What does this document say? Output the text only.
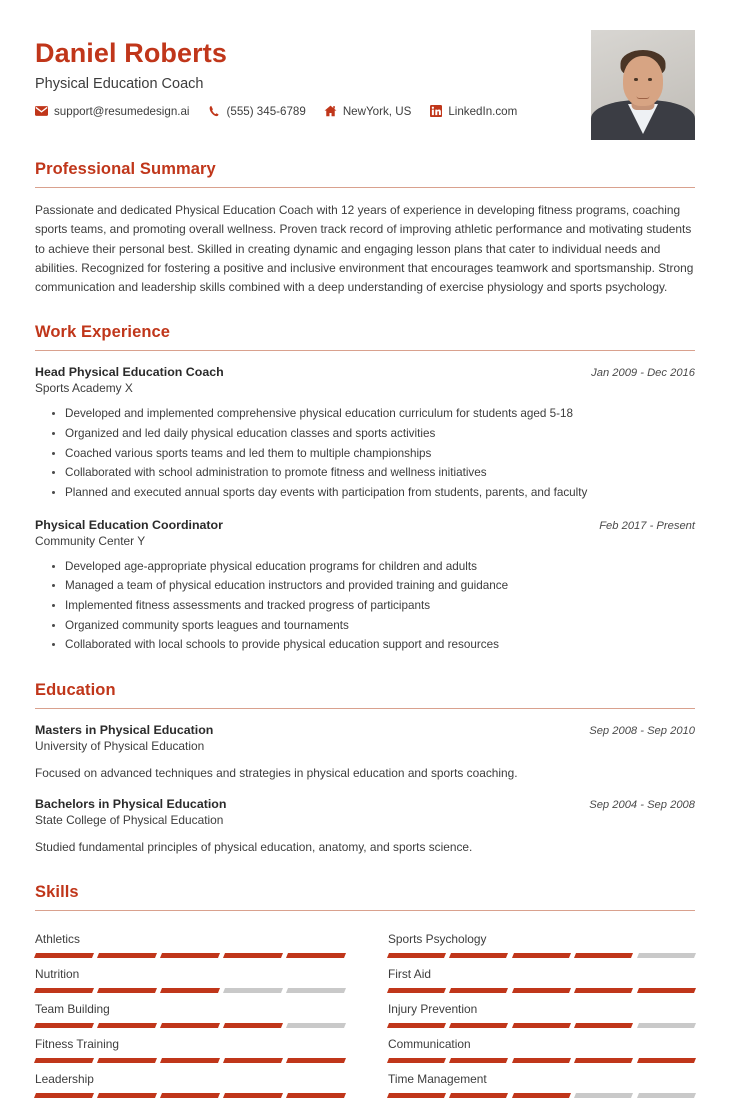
Daniel Roberts
Physical Education Coach
support@resumedesign.ai	(555) 345-6789	NewYork, US	LinkedIn.com
Professional Summary
Passionate and dedicated Physical Education Coach with 12 years of experience in developing fitness programs, coaching sports teams, and promoting overall wellness. Proven track record of improving athletic performance and motivating students to achieve their personal best. Skilled in creating dynamic and engaging lesson plans that cater to individual needs and abilities. Recognized for fostering a positive and inclusive environment that encourages teamwork and sportsmanship. Strong communication and leadership skills combined with a deep understanding of exercise physiology and sports psychology.
Work Experience
Head Physical Education Coach	Jan 2009 - Dec 2016
Sports Academy X
Developed and implemented comprehensive physical education curriculum for students aged 5-18
Organized and led daily physical education classes and sports activities
Coached various sports teams and led them to multiple championships
Collaborated with school administration to promote fitness and wellness initiatives
Planned and executed annual sports day events with participation from students, parents, and faculty
Physical Education Coordinator	Feb 2017 - Present
Community Center Y
Developed age-appropriate physical education programs for children and adults
Managed a team of physical education instructors and provided training and guidance
Implemented fitness assessments and tracked progress of participants
Organized community sports leagues and tournaments
Collaborated with local schools to provide physical education support and resources
Education
Masters in Physical Education	Sep 2008 - Sep 2010
University of Physical Education
Focused on advanced techniques and strategies in physical education and sports coaching.
Bachelors in Physical Education	Sep 2004 - Sep 2008
State College of Physical Education
Studied fundamental principles of physical education, anatomy, and sports science.
Skills
Athletics	Sports Psychology
Nutrition	First Aid
Team Building	Injury Prevention
Fitness Training	Communication
Leadership	Time Management
